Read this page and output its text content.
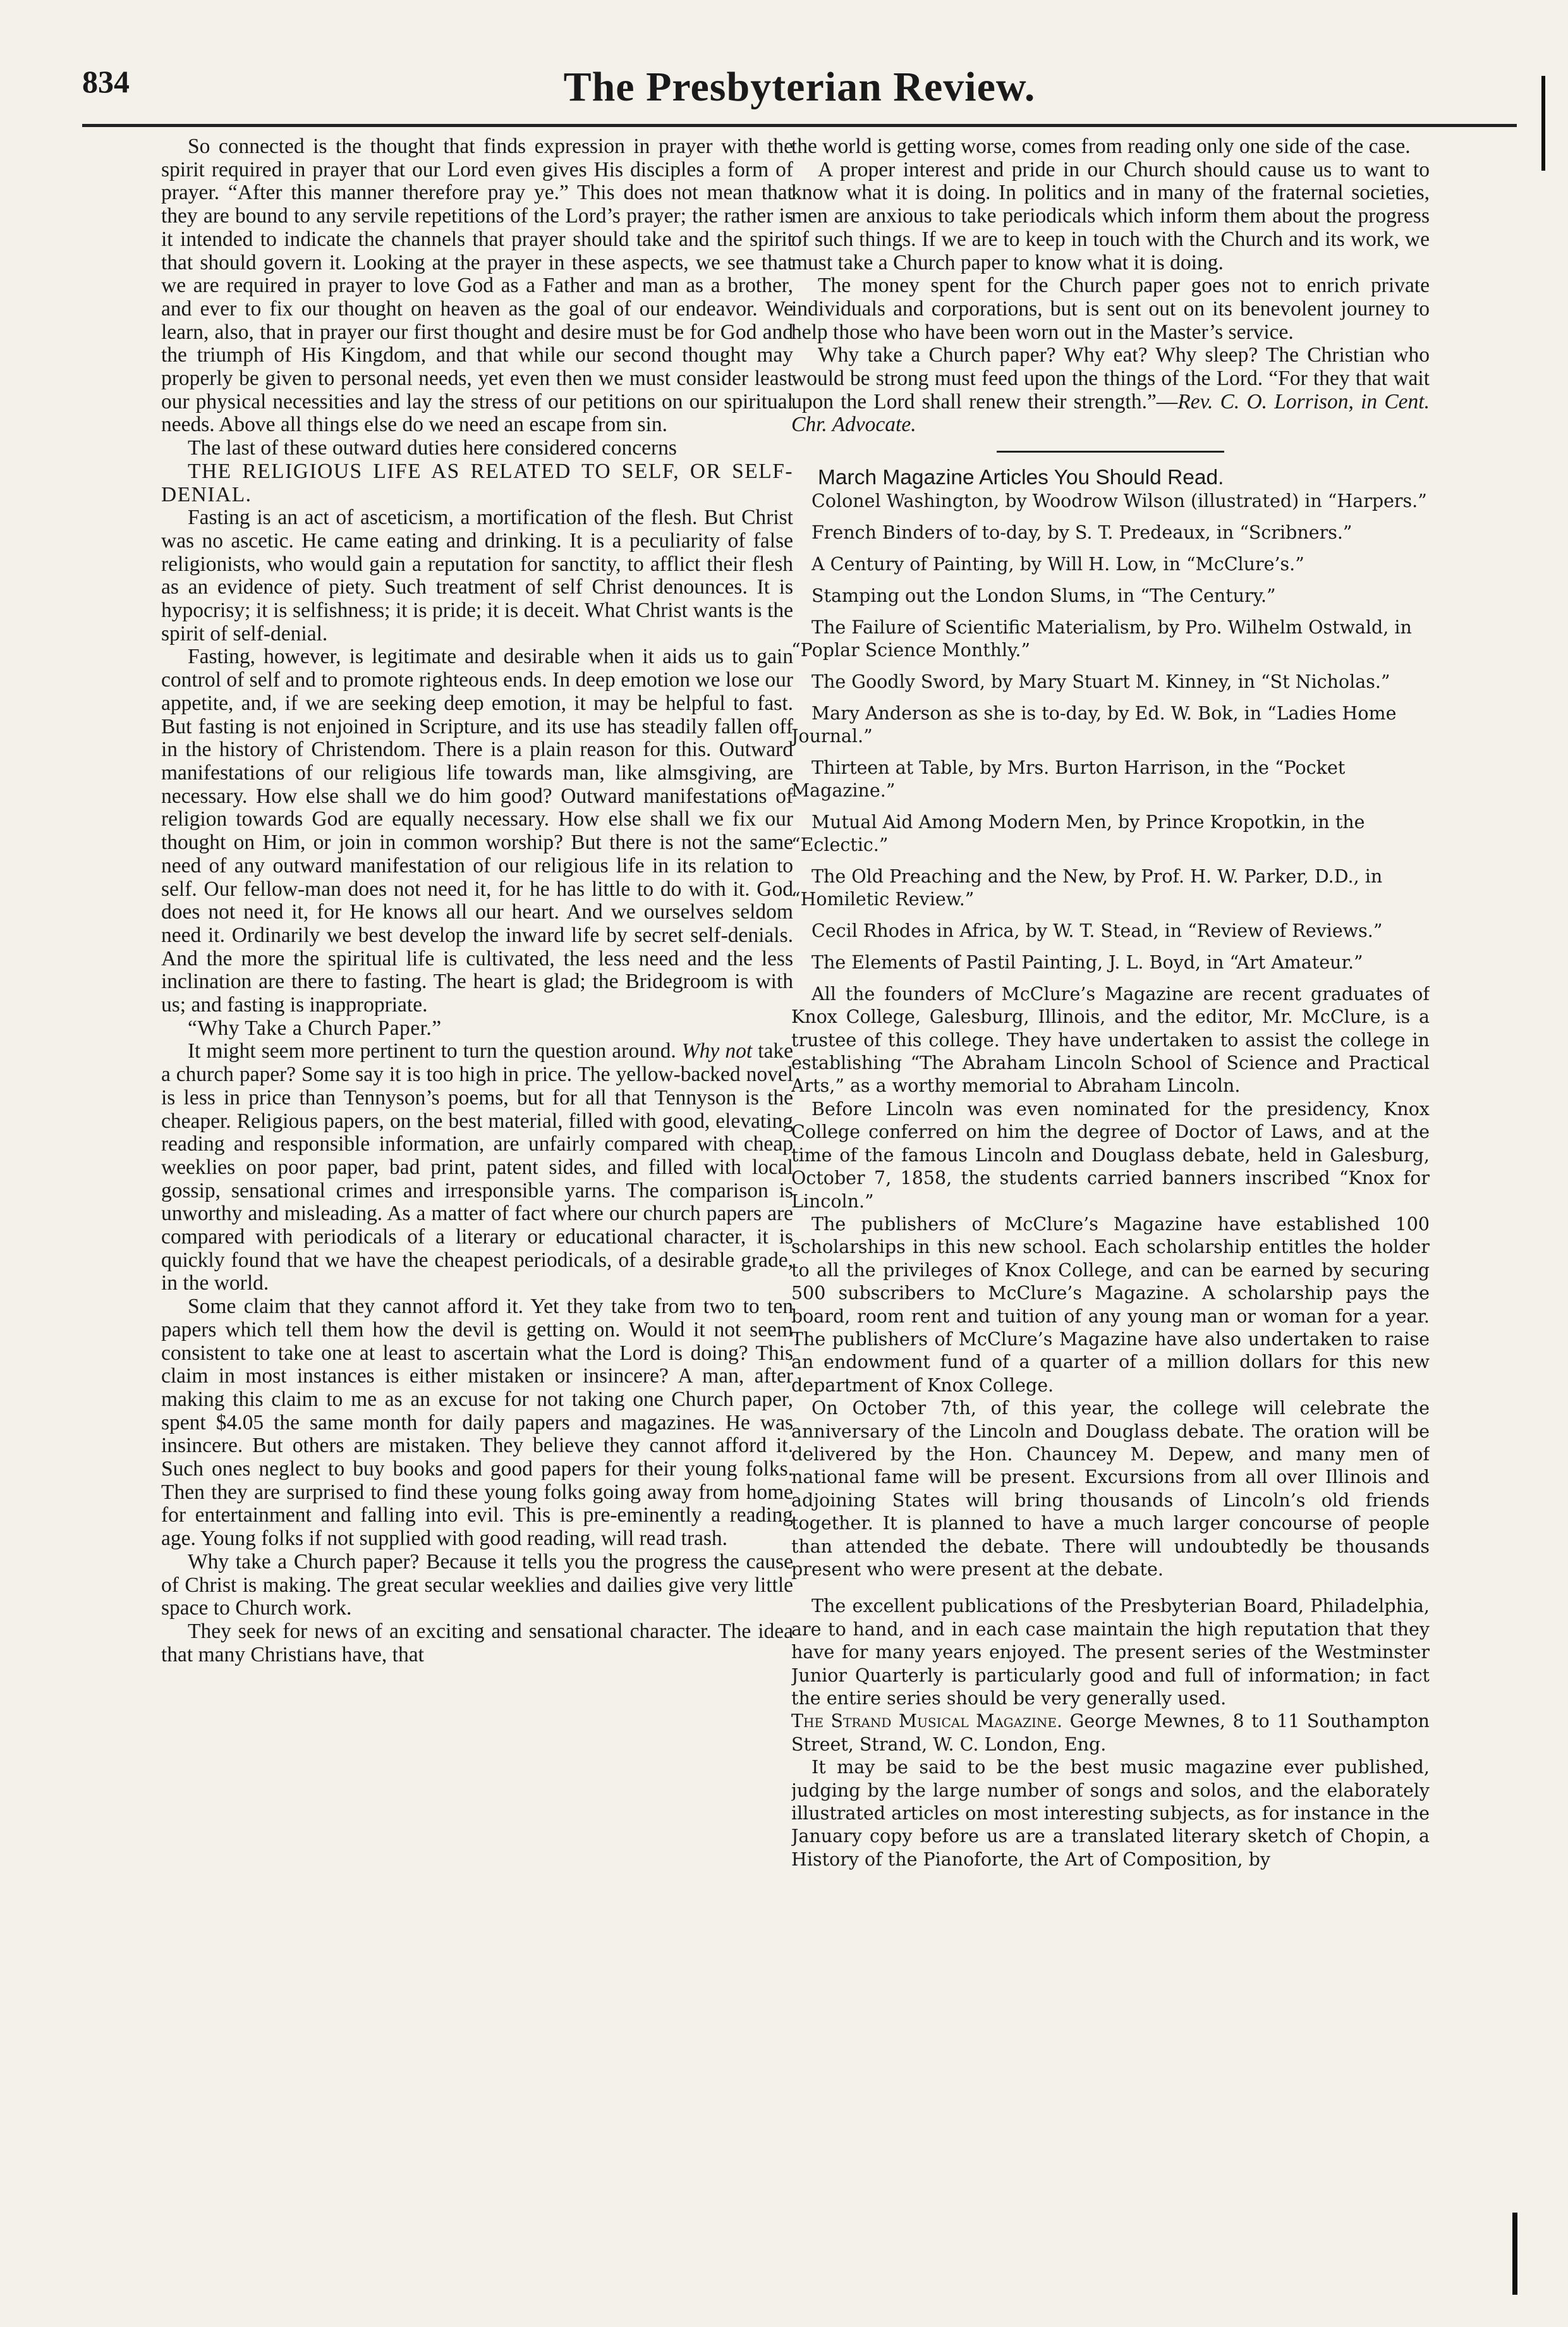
834	The Presbyterian Review.

So connected is the thought that finds expression in prayer with the spirit required in prayer that our Lord even gives His disciples a form of prayer. “After this manner therefore pray ye.” This does not mean that they are bound to any servile repetitions of the Lord’s prayer; the rather is it intended to indicate the channels that prayer should take and the spirit that should govern it. Looking at the prayer in these aspects, we see that we are required in prayer to love God as a Father and man as a brother, and ever to fix our thought on heaven as the goal of our endeavor. We learn, also, that in prayer our first thought and desire must be for God and the triumph of His Kingdom, and that while our second thought may properly be given to personal needs, yet even then we must consider least our physical necessities and lay the stress of our petitions on our spiritual needs. Above all things else do we need an escape from sin.

The last of these outward duties here considered concerns

THE RELIGIOUS LIFE AS RELATED TO SELF, OR SELF-DENIAL.

Fasting is an act of asceticism, a mortification of the flesh. But Christ was no ascetic. He came eating and drinking. It is a peculiarity of false religionists, who would gain a reputation for sanctity, to afflict their flesh as an evidence of piety. Such treatment of self Christ denounces. It is hypocrisy; it is selfishness; it is pride; it is deceit. What Christ wants is the spirit of self-denial.

Fasting, however, is legitimate and desirable when it aids us to gain control of self and to promote righteous ends. In deep emotion we lose our appetite, and, if we are seeking deep emotion, it may be helpful to fast. But fasting is not enjoined in Scripture, and its use has steadily fallen off in the history of Christendom. There is a plain reason for this. Outward manifestations of our religious life towards man, like almsgiving, are necessary. How else shall we do him good? Outward manifestations of religion towards God are equally necessary. How else shall we fix our thought on Him, or join in common worship? But there is not the same need of any outward manifestation of our religious life in its relation to self. Our fellow-man does not need it, for he has little to do with it. God does not need it, for He knows all our heart. And we ourselves seldom need it. Ordinarily we best develop the inward life by secret self-denials. And the more the spiritual life is cultivated, the less need and the less inclination are there to fasting. The heart is glad; the Bridegroom is with us; and fasting is inappropriate.

“Why Take a Church Paper.”

It might seem more pertinent to turn the question around. Why not take a church paper? Some say it is too high in price. The yellow-backed novel is less in price than Tennyson’s poems, but for all that Tennyson is the cheaper. Religious papers, on the best material, filled with good, elevating reading and responsible information, are unfairly compared with cheap weeklies on poor paper, bad print, patent sides, and filled with local gossip, sensational crimes and irresponsible yarns. The comparison is unworthy and misleading. As a matter of fact where our church papers are compared with periodicals of a literary or educational character, it is quickly found that we have the cheapest periodicals, of a desirable grade, in the world.

Some claim that they cannot afford it. Yet they take from two to ten papers which tell them how the devil is getting on. Would it not seem consistent to take one at least to ascertain what the Lord is doing? This claim in most instances is either mistaken or insincere? A man, after making this claim to me as an excuse for not taking one Church paper, spent $4.05 the same month for daily papers and magazines. He was insincere. But others are mistaken. They believe they cannot afford it. Such ones neglect to buy books and good papers for their young folks. Then they are surprised to find these young folks going away from home for entertainment and falling into evil. This is pre-eminently a reading age. Young folks if not supplied with good reading, will read trash.

Why take a Church paper? Because it tells you the progress the cause of Christ is making. The great secular weeklies and dailies give very little space to Church work.

They seek for news of an exciting and sensational character. The idea that many Christians have, that

the world is getting worse, comes from reading only one side of the case.

A proper interest and pride in our Church should cause us to want to know what it is doing. In politics and in many of the fraternal societies, men are anxious to take periodicals which inform them about the progress of such things. If we are to keep in touch with the Church and its work, we must take a Church paper to know what it is doing.

The money spent for the Church paper goes not to enrich private individuals and corporations, but is sent out on its benevolent journey to help those who have been worn out in the Master’s service.

Why take a Church paper? Why eat? Why sleep? The Christian who would be strong must feed upon the things of the Lord. “For they that wait upon the Lord shall renew their strength.”—Rev. C. O. Lorrison, in Cent. Chr. Advocate.

March Magazine Articles You Should Read.

Colonel Washington, by Woodrow Wilson (illustrated) in “Harpers.”

French Binders of to-day, by S. T. Predeaux, in “Scribners.”

A Century of Painting, by Will H. Low, in “McClure’s.”

Stamping out the London Slums, in “The Century.”

The Failure of Scientific Materialism, by Pro. Wilhelm Ostwald, in “Poplar Science Monthly.”

The Goodly Sword, by Mary Stuart M. Kinney, in “St Nicholas.”

Mary Anderson as she is to-day, by Ed. W. Bok, in “Ladies Home Journal.”

Thirteen at Table, by Mrs. Burton Harrison, in the “Pocket Magazine.”

Mutual Aid Among Modern Men, by Prince Kropotkin, in the “Eclectic.”

The Old Preaching and the New, by Prof. H. W. Parker, D.D., in “Homiletic Review.”

Cecil Rhodes in Africa, by W. T. Stead, in “Review of Reviews.”

The Elements of Pastil Painting, J. L. Boyd, in “Art Amateur.”

All the founders of McClure’s Magazine are recent graduates of Knox College, Galesburg, Illinois, and the editor, Mr. McClure, is a trustee of this college. They have undertaken to assist the college in establishing “The Abraham Lincoln School of Science and Practical Arts,” as a worthy memorial to Abraham Lincoln.

Before Lincoln was even nominated for the presidency, Knox College conferred on him the degree of Doctor of Laws, and at the time of the famous Lincoln and Douglass debate, held in Galesburg, October 7, 1858, the students carried banners inscribed “Knox for Lincoln.”

The publishers of McClure’s Magazine have established 100 scholarships in this new school. Each scholarship entitles the holder to all the privileges of Knox College, and can be earned by securing 500 subscribers to McClure’s Magazine. A scholarship pays the board, room rent and tuition of any young man or woman for a year. The publishers of McClure’s Magazine have also undertaken to raise an endowment fund of a quarter of a million dollars for this new department of Knox College.

On October 7th, of this year, the college will celebrate the anniversary of the Lincoln and Douglass debate. The oration will be delivered by the Hon. Chauncey M. Depew, and many men of national fame will be present. Excursions from all over Illinois and adjoining States will bring thousands of Lincoln’s old friends together. It is planned to have a much larger concourse of people than attended the debate. There will undoubtedly be thousands present who were present at the debate.

The excellent publications of the Presbyterian Board, Philadelphia, are to hand, and in each case maintain the high reputation that they have for many years enjoyed. The present series of the Westminster Junior Quarterly is particularly good and full of information; in fact the entire series should be very generally used.

The Strand Musical Magazine. George Mewnes, 8 to 11 Southampton Street, Strand, W. C. London, Eng.

It may be said to be the best music magazine ever published, judging by the large number of songs and solos, and the elaborately illustrated articles on most interesting subjects, as for instance in the January copy before us are a translated literary sketch of Chopin, a History of the Pianoforte, the Art of Composition, by
